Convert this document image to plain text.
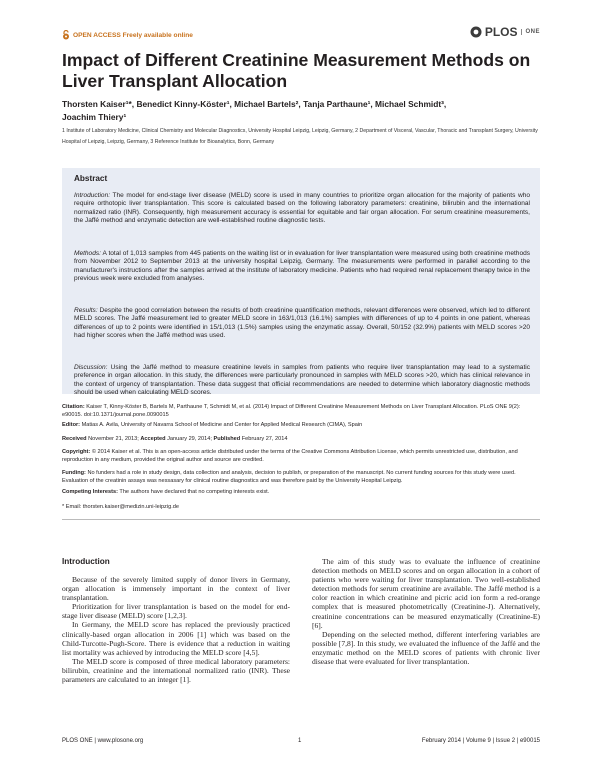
OPEN ACCESS Freely available online	PLOS	ONE
Impact of Different Creatinine Measurement Methods on Liver Transplant Allocation
Thorsten Kaiser¹*, Benedict Kinny-Köster¹, Michael Bartels², Tanja Parthaune¹, Michael Schmidt³,
Joachim Thiery¹
1 Institute of Laboratory Medicine, Clinical Chemistry and Molecular Diagnostics, University Hospital Leipzig, Leipzig, Germany, 2 Department of Visceral, Vascular, Thoracic and Transplant Surgery, University Hospital of Leipzig, Leipzig, Germany, 3 Reference Institute for Bioanalytics, Bonn, Germany
Abstract
Introduction: The model for end-stage liver disease (MELD) score is used in many countries to prioritize organ allocation for the majority of patients who require orthotopic liver transplantation. This score is calculated based on the following laboratory parameters: creatinine, bilirubin and the international normalized ratio (INR). Consequently, high measurement accuracy is essential for equitable and fair organ allocation. For serum creatinine measurements, the Jaffé method and enzymatic detection are well-established routine diagnostic tests.
Methods: A total of 1,013 samples from 445 patients on the waiting list or in evaluation for liver transplantation were measured using both creatinine methods from November 2012 to September 2013 at the university hospital Leipzig, Germany. The measurements were performed in parallel according to the manufacturer's instructions after the samples arrived at the institute of laboratory medicine. Patients who had required renal replacement therapy twice in the previous week were excluded from analyses.
Results: Despite the good correlation between the results of both creatinine quantification methods, relevant differences were observed, which led to different MELD scores. The Jaffé measurement led to greater MELD score in 163/1,013 (16.1%) samples with differences of up to 4 points in one patient, whereas differences of up to 2 points were identified in 15/1,013 (1.5%) samples using the enzymatic assay. Overall, 50/152 (32.9%) patients with MELD scores >20 had higher scores when the Jaffé method was used.
Discussion: Using the Jaffé method to measure creatinine levels in samples from patients who require liver transplantation may lead to a systematic preference in organ allocation. In this study, the differences were particularly pronounced in samples with MELD scores >20, which has clinical relevance in the context of urgency of transplantation. These data suggest that official recommendations are needed to determine which laboratory diagnostic methods should be used when calculating MELD scores.
Citation: Kaiser T, Kinny-Köster B, Bartels M, Parthaune T, Schmidt M, et al. (2014) Impact of Different Creatinine Measurement Methods on Liver Transplant Allocation. PLoS ONE 9(2): e90015. doi:10.1371/journal.pone.0090015
Editor: Matias A. Avila, University of Navarra School of Medicine and Center for Applied Medical Research (CIMA), Spain
Received November 21, 2013; Accepted January 29, 2014; Published February 27, 2014
Copyright: © 2014 Kaiser et al. This is an open-access article distributed under the terms of the Creative Commons Attribution License, which permits unrestricted use, distribution, and reproduction in any medium, provided the original author and source are credited.
Funding: No funders had a role in study design, data collection and analysis, decision to publish, or preparation of the manuscript. No current funding sources for this study were used. Evaluation of the creatinin assays was nessasary for clinical routine diagnostics and was therefore paid by the University Hospital Leipzig.
Competing Interests: The authors have declared that no competing interests exist.
* Email: thorsten.kaiser@medizin.uni-leipzig.de
Introduction

Because of the severely limited supply of donor livers in Germany, organ allocation is immensely important in the context of liver transplantation.

Prioritization for liver transplantation is based on the model for end-stage liver disease (MELD) score [1,2,3].

In Germany, the MELD score has replaced the previously practiced clinically-based organ allocation in 2006 [1] which was based on the Child-Turcotte-Pugh-Score. There is evidence that a reduction in waiting list mortality was achieved by introducing the MELD score [4,5].

The MELD score is composed of three medical laboratory parameters: bilirubin, creatinine and the international normalized ratio (INR). These parameters are calculated to an integer [1].

The aim of this study was to evaluate the influence of creatinine detection methods on MELD scores and on organ allocation in a cohort of patients who were waiting for liver transplantation. Two well-established detection methods for serum creatinine are available. The Jaffé method is a color reaction in which creatinine and picric acid ion form a red-orange complex that is measured photometrically (Creatinine-J). Alternatively, creatinine concentrations can be measured enzymatically (Creatinine-E) [6].

Depending on the selected method, different interfering variables are possible [7,8]. In this study, we evaluated the influence of the Jaffé and the enzymatic method on the MELD scores of patients with chronic liver disease that were evaluated for liver transplantation.

PLOS ONE | www.plosone.org	1	February 2014 | Volume 9 | Issue 2 | e90015
